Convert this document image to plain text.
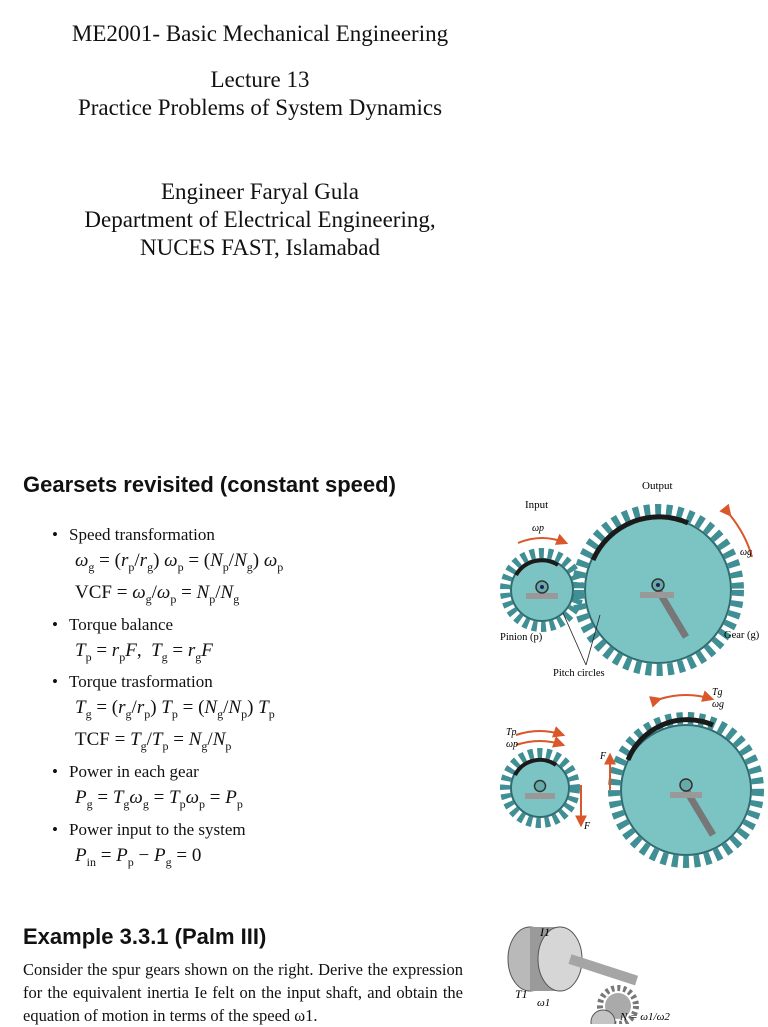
ME2001- Basic Mechanical Engineering
Lecture 13
Practice Problems of System Dynamics
Engineer Faryal Gula
Department of Electrical Engineering,
NUCES FAST, Islamabad
Gearsets revisited (constant speed)
• Speed transformation
$\omega_g = (r_p/r_g) \omega_p = (N_p/N_g)$ $\omega_p$
VCF = $\omega_g/\omega_p = N_p/N_g$
• Torque balance
$T_p = r_pF$,  $T_g = r_gF$
• Torque trasformation
$T_g = (r_g/r_p) T_p = (N_g/N_p)$ $T_p$
TCF = $T_g/T_p = N_g/N_p$
• Power in each gear
$P_g = T_g\omega_g = T_p\omega_p = P_p$
• Power input to the system
$P_{in} = P_p - P_g = 0$
Input
Output
ωp
ωg
Pinion (p)	Gear (g)
Pitch circles
Tp
ωp
Tg
ωg
F
F
I1
T1
ω1
N = ω1/ω2
Example 3.3.1 (Palm III)
Consider the spur gears shown on the right. Derive the expression for the equivalent inertia Ie felt on the input shaft, and obtain the equation of motion in terms of the speed ω1.
